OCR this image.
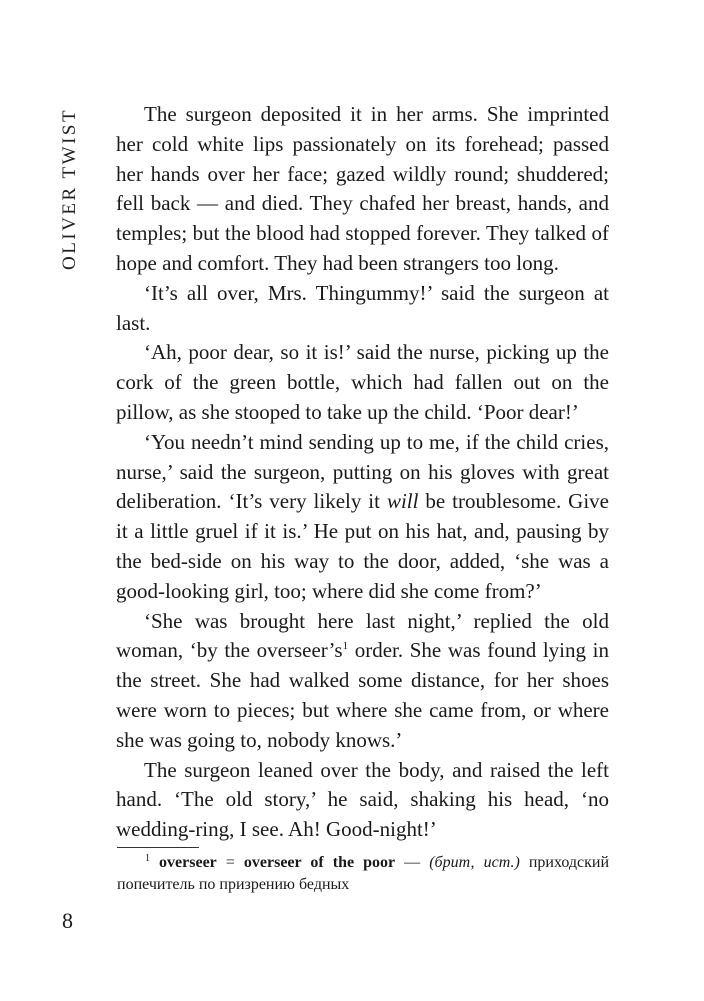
OLIVER TWIST	The surgeon deposited it in her arms. She imprinted her cold white lips passionately on its forehead; passed her hands over her face; gazed wildly round; shuddered; fell back — and died. They chafed her breast, hands, and temples; but the blood had stopped forever. They talked of hope and comfort. They had been strangers too long.

‘It’s all over, Mrs. Thingummy!’ said the surgeon at last.

‘Ah, poor dear, so it is!’ said the nurse, picking up the cork of the green bottle, which had fallen out on the pillow, as she stooped to take up the child. ‘Poor dear!’

‘You needn’t mind sending up to me, if the child cries, nurse,’ said the surgeon, putting on his gloves with great deliberation. ‘It’s very likely it will be troublesome. Give it a little gruel if it is.’ He put on his hat, and, pausing by the bed-side on his way to the door, added, ‘she was a good-looking girl, too; where did she come from?’

‘She was brought here last night,’ replied the old woman, ‘by the $overseer’s^1$ order. She was found lying in the street. She had walked some distance, for her shoes were worn to pieces; but where she came from, or where she was going to, nobody knows.’

The surgeon leaned over the body, and raised the left hand. ‘The old story,’ he said, shaking his head, ‘no wedding-ring, I see. Ah! Good-night!’

$^1$ overseer = overseer of the poor — (брит, ист.) приходский попечитель по призрению бедных
8
